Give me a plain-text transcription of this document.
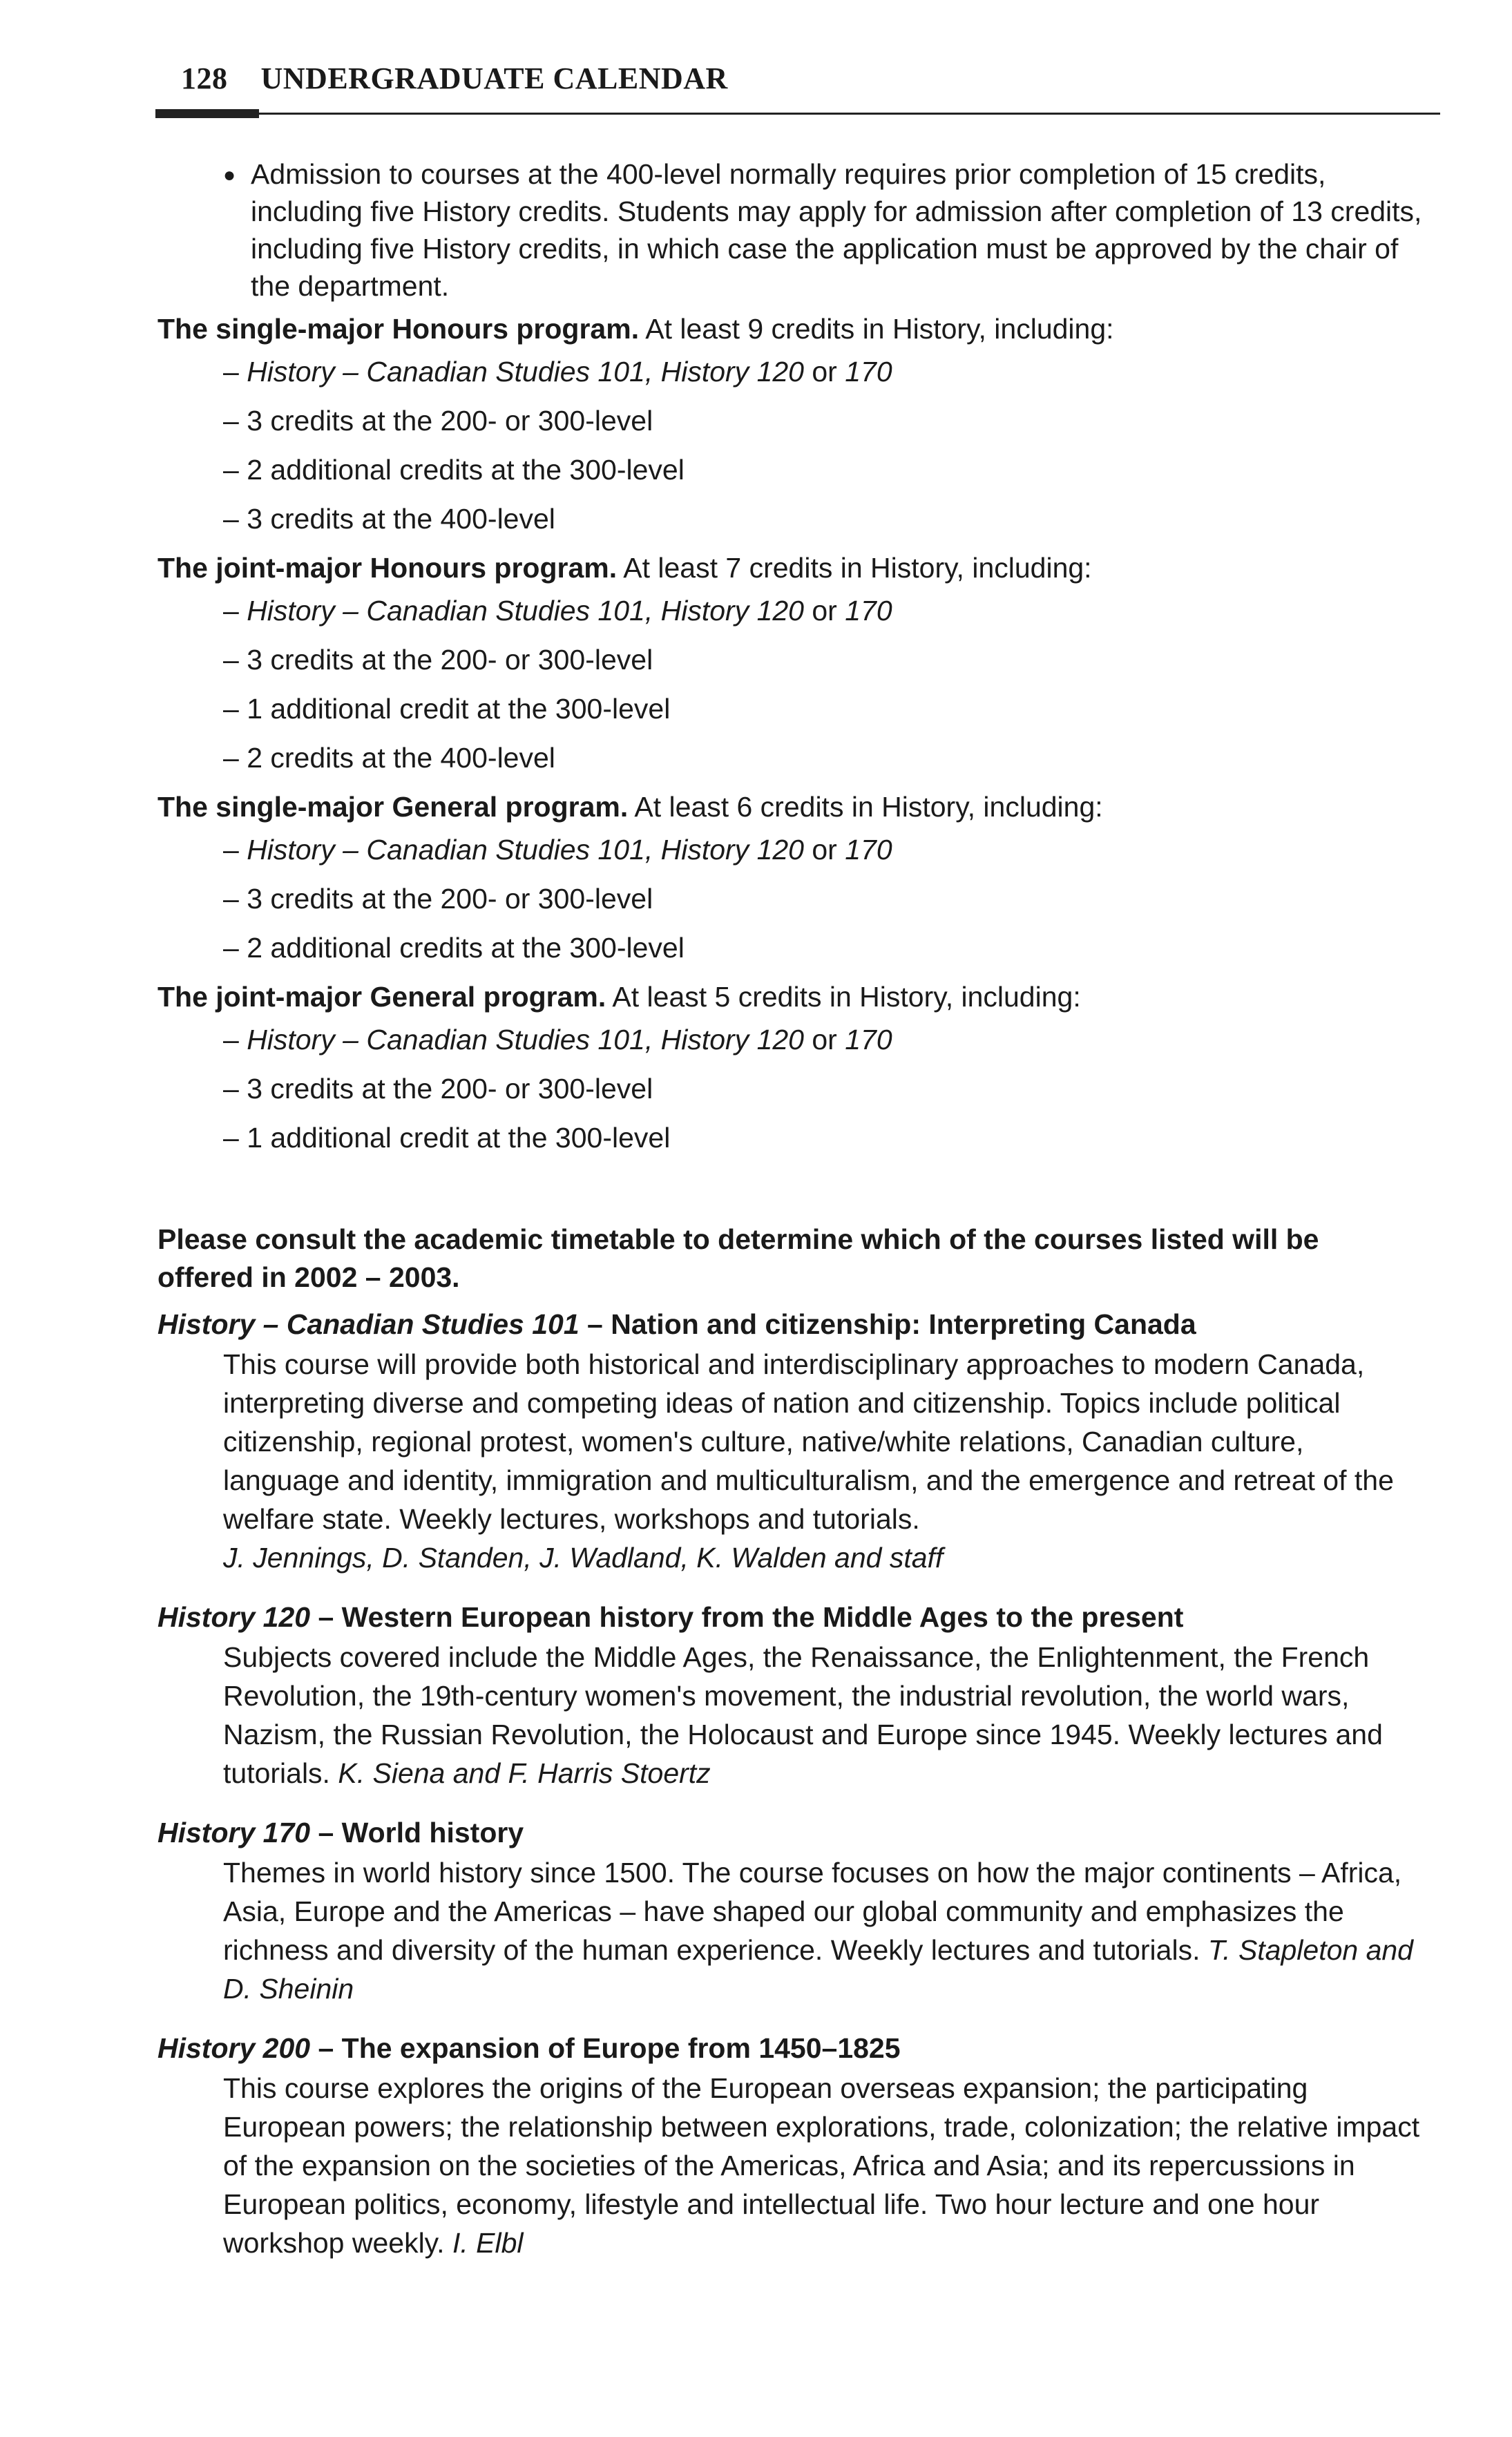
128 UNDERGRADUATE CALENDAR
● Admission to courses at the 400-level normally requires prior completion of 15 credits, including five History credits. Students may apply for admission after completion of 13 credits, including five History credits, in which case the application must be approved by the chair of the department.
The single-major Honours program. At least 9 credits in History, including:
– History – Canadian Studies 101, History 120 or 170
– 3 credits at the 200- or 300-level
– 2 additional credits at the 300-level
– 3 credits at the 400-level
The joint-major Honours program. At least 7 credits in History, including:
– History – Canadian Studies 101, History 120 or 170
– 3 credits at the 200- or 300-level
– 1 additional credit at the 300-level
– 2 credits at the 400-level
The single-major General program. At least 6 credits in History, including:
– History – Canadian Studies 101, History 120 or 170
– 3 credits at the 200- or 300-level
– 2 additional credits at the 300-level
The joint-major General program. At least 5 credits in History, including:
– History – Canadian Studies 101, History 120 or 170
– 3 credits at the 200- or 300-level
– 1 additional credit at the 300-level
Please consult the academic timetable to determine which of the courses listed will be offered in 2002 – 2003.
History – Canadian Studies 101 – Nation and citizenship: Interpreting Canada
This course will provide both historical and interdisciplinary approaches to modern Canada, interpreting diverse and competing ideas of nation and citizenship. Topics include political citizenship, regional protest, women's culture, native/white relations, Canadian culture, language and identity, immigration and multiculturalism, and the emergence and retreat of the welfare state. Weekly lectures, workshops and tutorials.
J. Jennings, D. Standen, J. Wadland, K. Walden and staff
History 120 – Western European history from the Middle Ages to the present
Subjects covered include the Middle Ages, the Renaissance, the Enlightenment, the French Revolution, the 19th-century women's movement, the industrial revolution, the world wars, Nazism, the Russian Revolution, the Holocaust and Europe since 1945. Weekly lectures and tutorials. K. Siena and F. Harris Stoertz
History 170 – World history
Themes in world history since 1500. The course focuses on how the major continents – Africa, Asia, Europe and the Americas – have shaped our global community and emphasizes the richness and diversity of the human experience. Weekly lectures and tutorials. T. Stapleton and D. Sheinin
History 200 – The expansion of Europe from 1450–1825
This course explores the origins of the European overseas expansion; the participating European powers; the relationship between explorations, trade, colonization; the relative impact of the expansion on the societies of the Americas, Africa and Asia; and its repercussions in European politics, economy, lifestyle and intellectual life. Two hour lecture and one hour workshop weekly. I. Elbl
